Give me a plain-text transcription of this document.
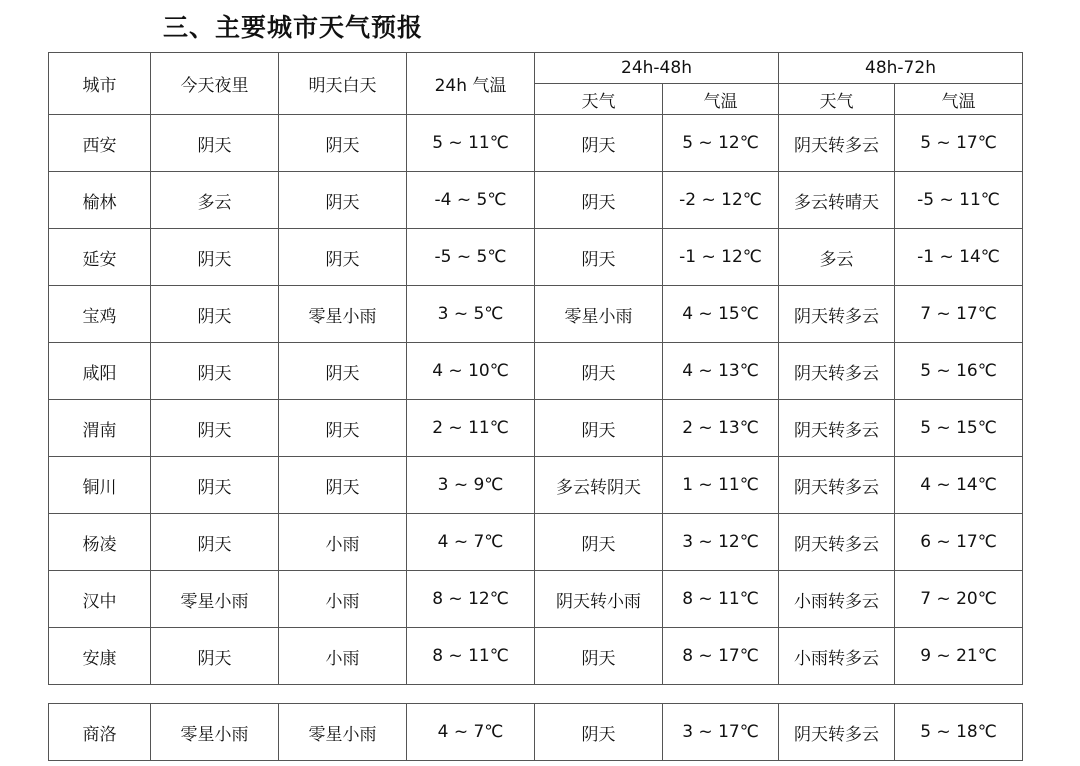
三、主要城市天气预报
城市	今天夜里	明天白天	24h 气温	24h-48h		48h-72h	
				天气	气温	天气	气温
西安	阴天	阴天	5 ~ 11℃	阴天	5 ~ 12℃	阴天转多云	5 ~ 17℃
榆林	多云	阴天	-4 ~ 5℃	阴天	-2 ~ 12℃	多云转晴天	-5 ~ 11℃
延安	阴天	阴天	-5 ~ 5℃	阴天	-1 ~ 12℃	多云	-1 ~ 14℃
宝鸡	阴天	零星小雨	3 ~ 5℃	零星小雨	4 ~ 15℃	阴天转多云	7 ~ 17℃
咸阳	阴天	阴天	4 ~ 10℃	阴天	4 ~ 13℃	阴天转多云	5 ~ 16℃
渭南	阴天	阴天	2 ~ 11℃	阴天	2 ~ 13℃	阴天转多云	5 ~ 15℃
铜川	阴天	阴天	3 ~ 9℃	多云转阴天	1 ~ 11℃	阴天转多云	4 ~ 14℃
杨凌	阴天	小雨	4 ~ 7℃	阴天	3 ~ 12℃	阴天转多云	6 ~ 17℃
汉中	零星小雨	小雨	8 ~ 12℃	阴天转小雨	8 ~ 11℃	小雨转多云	7 ~ 20℃
安康	阴天	小雨	8 ~ 11℃	阴天	8 ~ 17℃	小雨转多云	9 ~ 21℃
商洛	零星小雨	零星小雨	4 ~ 7℃	阴天	3 ~ 17℃	阴天转多云	5 ~ 18℃
